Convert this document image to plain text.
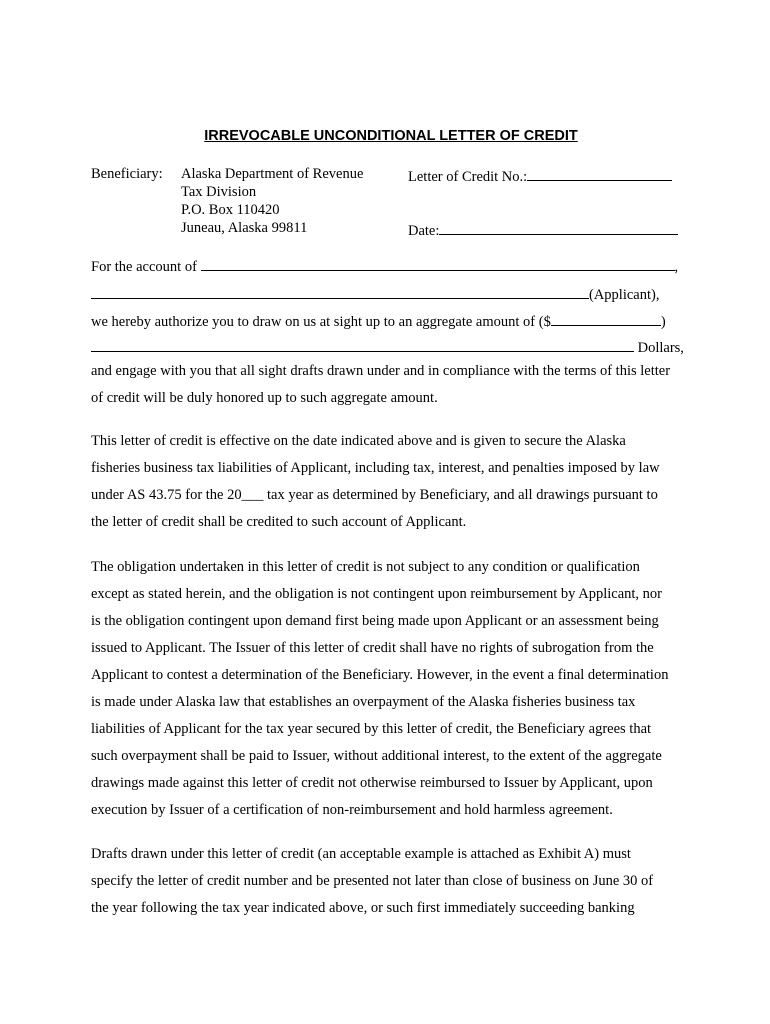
IRREVOCABLE UNCONDITIONAL LETTER OF CREDIT
Beneficiary: Alaska Department of Revenue
Tax Division
P.O. Box 110420
Juneau, Alaska 99811
Letter of Credit No.:
Date:
For the account of	,
(Applicant),
we hereby authorize you to draw on us at sight up to an aggregate amount of ($	)
Dollars,
and engage with you that all sight drafts drawn under and in compliance with the terms of this letter
of credit will be duly honored up to such aggregate amount.
This letter of credit is effective on the date indicated above and is given to secure the Alaska
fisheries business tax liabilities of Applicant, including tax, interest, and penalties imposed by law
under AS 43.75 for the 20___ tax year as determined by Beneficiary, and all drawings pursuant to
the letter of credit shall be credited to such account of Applicant.
The obligation undertaken in this letter of credit is not subject to any condition or qualification
except as stated herein, and the obligation is not contingent upon reimbursement by Applicant, nor
is the obligation contingent upon demand first being made upon Applicant or an assessment being
issued to Applicant. The Issuer of this letter of credit shall have no rights of subrogation from the
Applicant to contest a determination of the Beneficiary. However, in the event a final determination
is made under Alaska law that establishes an overpayment of the Alaska fisheries business tax
liabilities of Applicant for the tax year secured by this letter of credit, the Beneficiary agrees that
such overpayment shall be paid to Issuer, without additional interest, to the extent of the aggregate
drawings made against this letter of credit not otherwise reimbursed to Issuer by Applicant, upon
execution by Issuer of a certification of non-reimbursement and hold harmless agreement.
Drafts drawn under this letter of credit (an acceptable example is attached as Exhibit A) must
specify the letter of credit number and be presented not later than close of business on June 30 of
the year following the tax year indicated above, or such first immediately succeeding banking
